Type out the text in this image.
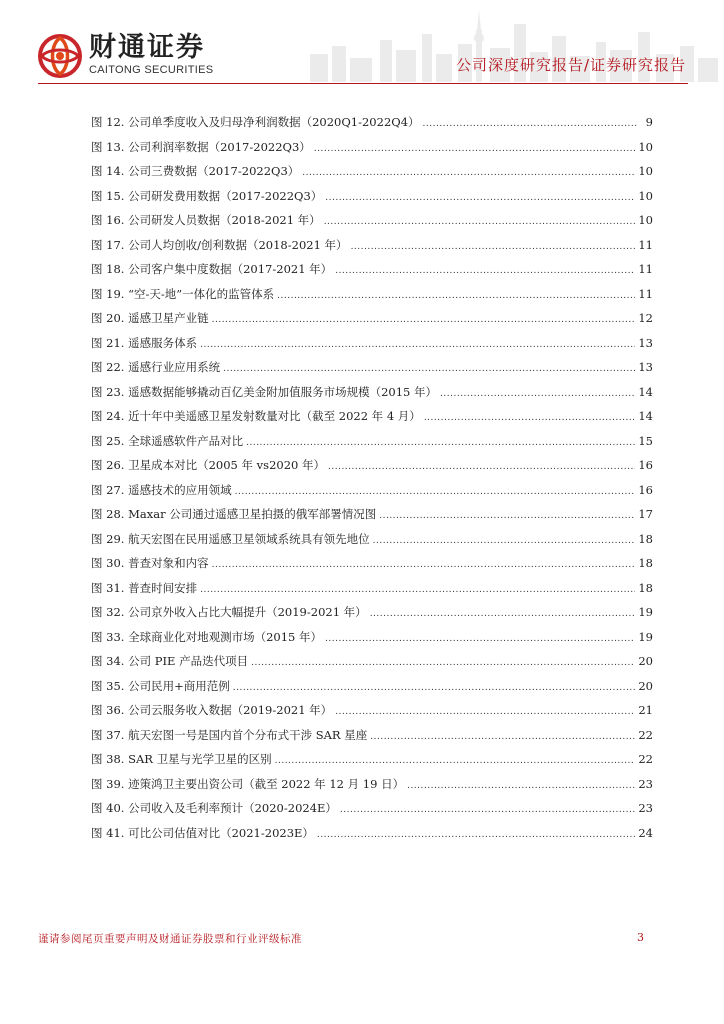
财通证券
CAITONG SECURITIES	公司深度研究报告/证券研究报告
图 12. 公司单季度收入及归母净利润数据（2020Q1-2022Q4） .....	9
图 13. 公司利润率数据（2017-2022Q3） .....	10
图 14. 公司三费数据（2017-2022Q3） .....	10
图 15. 公司研发费用数据（2017-2022Q3） .....	10
图 16. 公司研发人员数据（2018-2021 年） .....	10
图 17. 公司人均创收/创利数据（2018-2021 年） .....	11
图 18. 公司客户集中度数据（2017-2021 年） .....	11
图 19. “空-天-地”一体化的监管体系 .....	11
图 20. 遥感卫星产业链 .....	12
图 21. 遥感服务体系 .....	13
图 22. 遥感行业应用系统 .....	13
图 23. 遥感数据能够撬动百亿美金附加值服务市场规模（2015 年） .....	14
图 24. 近十年中美遥感卫星发射数量对比（截至 2022 年 4 月） .....	14
图 25. 全球遥感软件产品对比 .....	15
图 26. 卫星成本对比（2005 年 vs2020 年） .....	16
图 27. 遥感技术的应用领域 .....	16
图 28. Maxar 公司通过遥感卫星拍摄的俄军部署情况图 .....	17
图 29. 航天宏图在民用遥感卫星领域系统具有领先地位 .....	18
图 30. 普查对象和内容 .....	18
图 31. 普查时间安排 .....	18
图 32. 公司京外收入占比大幅提升（2019-2021 年） .....	19
图 33. 全球商业化对地观测市场（2015 年） .....	19
图 34. 公司 PIE 产品迭代项目 .....	20
图 35. 公司民用+商用范例 .....	20
图 36. 公司云服务收入数据（2019-2021 年） .....	21
图 37. 航天宏图一号是国内首个分布式干涉 SAR 星座 .....	22
图 38. SAR 卫星与光学卫星的区别 .....	22
图 39. 迹策鸿卫主要出资公司（截至 2022 年 12 月 19 日） .....	23
图 40. 公司收入及毛利率预计（2020-2024E） .....	23
图 41. 可比公司估值对比（2021-2023E） .....	24
谨请参阅尾页重要声明及财通证券股票和行业评级标准	3
